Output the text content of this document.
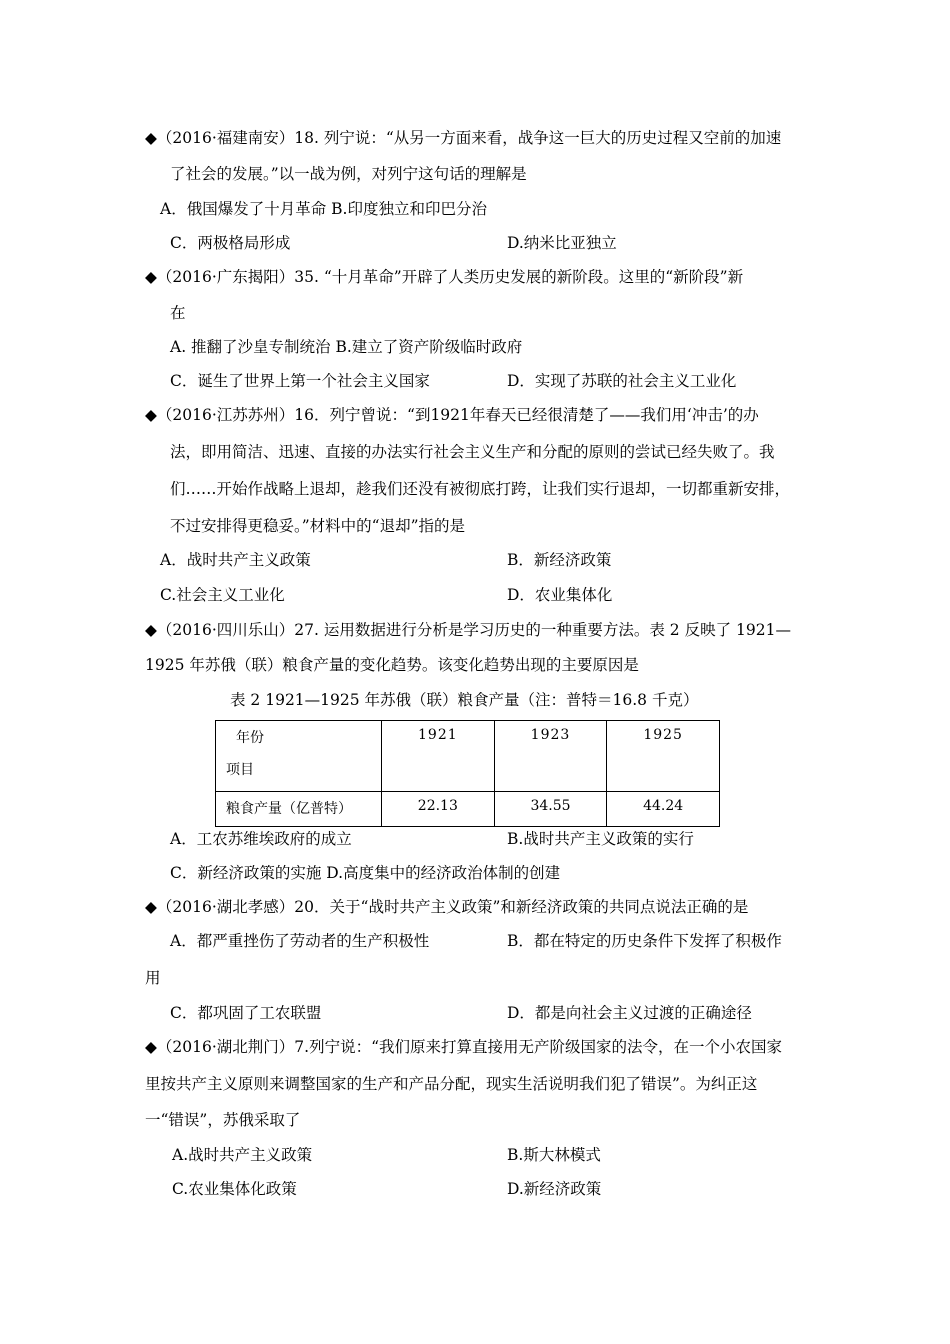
◆（2016·福建南安）18. 列宁说：“从另一方面来看，战争这一巨大的历史过程又空前的加速
了社会的发展。”以一战为例，对列宁这句话的理解是
A．俄国爆发了十月革命 B.印度独立和印巴分治
C．两极格局形成	D.纳米比亚独立
◆（2016·广东揭阳）35. “十月革命”开辟了人类历史发展的新阶段。这里的“新阶段”新
在
A. 推翻了沙皇专制统治 B.建立了资产阶级临时政府
C．诞生了世界上第一个社会主义国家	D．实现了苏联的社会主义工业化
◆（2016·江苏苏州）16．列宁曾说：“到1921年春天已经很清楚了——我们用‘冲击’的办
法，即用简洁、迅速、直接的办法实行社会主义生产和分配的原则的尝试已经失败了。我
们……开始作战略上退却，趁我们还没有被彻底打跨，让我们实行退却，一切都重新安排，
不过安排得更稳妥。”材料中的“退却”指的是
A．战时共产主义政策	B．新经济政策
C.社会主义工业化	D．农业集体化
◆（2016·四川乐山）27. 运用数据进行分析是学习历史的一种重要方法。表 2 反映了 1921—
1925 年苏俄（联）粮食产量的变化趋势。该变化趋势出现的主要原因是
表 2 1921—1925 年苏俄（联）粮食产量（注：普特＝16.8 千克）
年份
项目	1921	1923	1925
粮食产量（亿普特）	22.13	34.55	44.24
A．工农苏维埃政府的成立	B.战时共产主义政策的实行
C．新经济政策的实施 D.高度集中的经济政治体制的创建
◆（2016·湖北孝感）20．关于“战时共产主义政策”和新经济政策的共同点说法正确的是
A．都严重挫伤了劳动者的生产积极性	B．都在特定的历史条件下发挥了积极作
用
C．都巩固了工农联盟	D．都是向社会主义过渡的正确途径
◆（2016·湖北荆门）7.列宁说：“我们原来打算直接用无产阶级国家的法令，在一个小农国家
里按共产主义原则来调整国家的生产和产品分配，现实生活说明我们犯了错误”。为纠正这
一“错误”，苏俄采取了
A.战时共产主义政策	B.斯大林模式
C.农业集体化政策	D.新经济政策
